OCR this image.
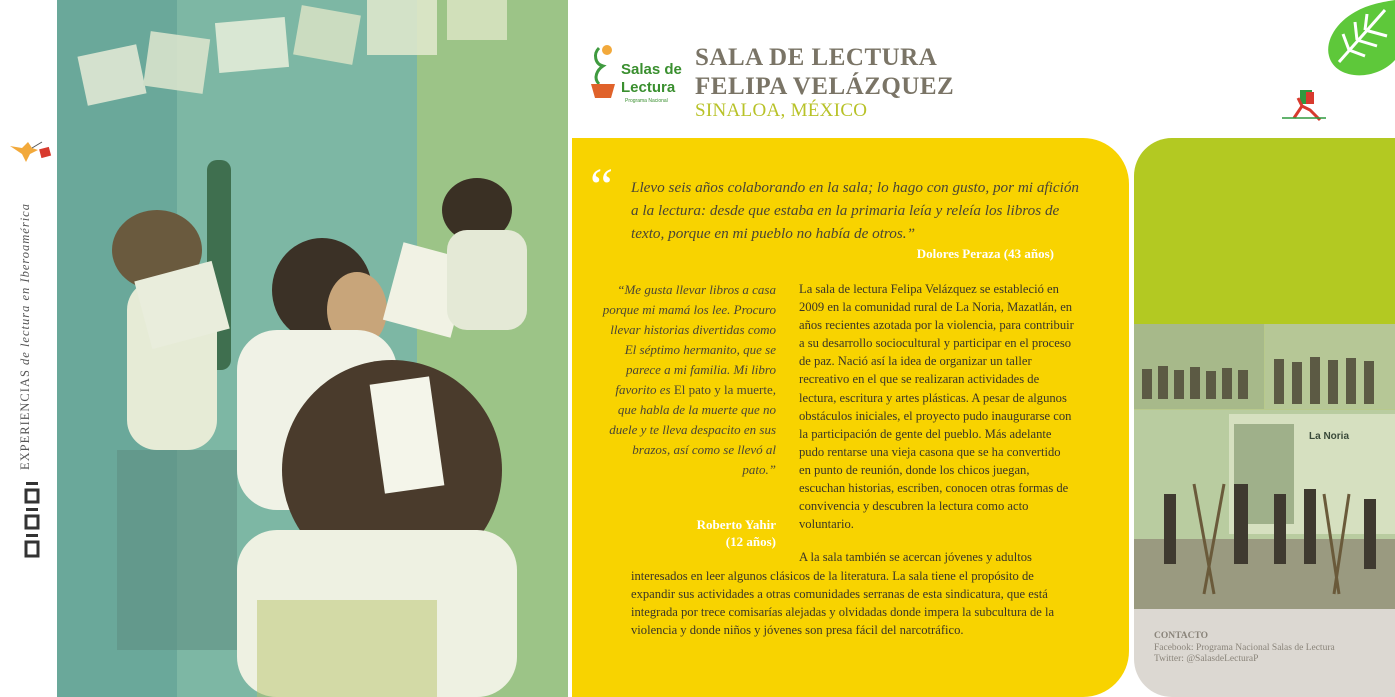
EXPERIENCIAS de lectura en Iberoamérica
Salas de
Lectura
Programa Nacional
SALA DE LECTURA
FELIPA VELÁZQUEZ
SINALOA, MÉXICO
“ Llevo seis años colaborando en la sala; lo hago con gusto, por mi afición a la lectura: desde que estaba en la primaria leía y releía los libros de texto, porque en mi pueblo no había de otros.”
Dolores Peraza (43 años)
“Me gusta llevar libros a casa porque mi mamá los lee. Procuro llevar historias divertidas como El séptimo hermanito, que se parece a mi familia. Mi libro favorito es El pato y la muerte, que habla de la muerte que no duele y te lleva despacito en sus brazos, así como se llevó al pato.”
Roberto Yahir
(12 años)
La sala de lectura Felipa Velázquez se estableció en 2009 en la comunidad rural de La Noria, Mazatlán, en años recientes azotada por la violencia, para contribuir a su desarrollo sociocultural y participar en el proceso de paz. Nació así la idea de organizar un taller recreativo en el que se realizaran actividades de lectura, escritura y artes plásticas. A pesar de algunos obstáculos iniciales, el proyecto pudo inaugurarse con la participación de gente del pueblo. Más adelante pudo rentarse una vieja casona que se ha convertido en punto de reunión, donde los chicos juegan, escuchan historias, escriben, conocen otras formas de convivencia y descubren la lectura como acto voluntario.
A la sala también se acercan jóvenes y adultos
interesados en leer algunos clásicos de la literatura. La sala tiene el propósito de expandir sus actividades a otras comunidades serranas de esta sindicatura, que está integrada por trece comisarías alejadas y olvidadas donde impera la subcultura de la violencia y donde niños y jóvenes son presa fácil del narcotráfico.
La Noria
CONTACTO
Facebook: Programa Nacional Salas de Lectura
Twitter: @SalasdeLecturaP
